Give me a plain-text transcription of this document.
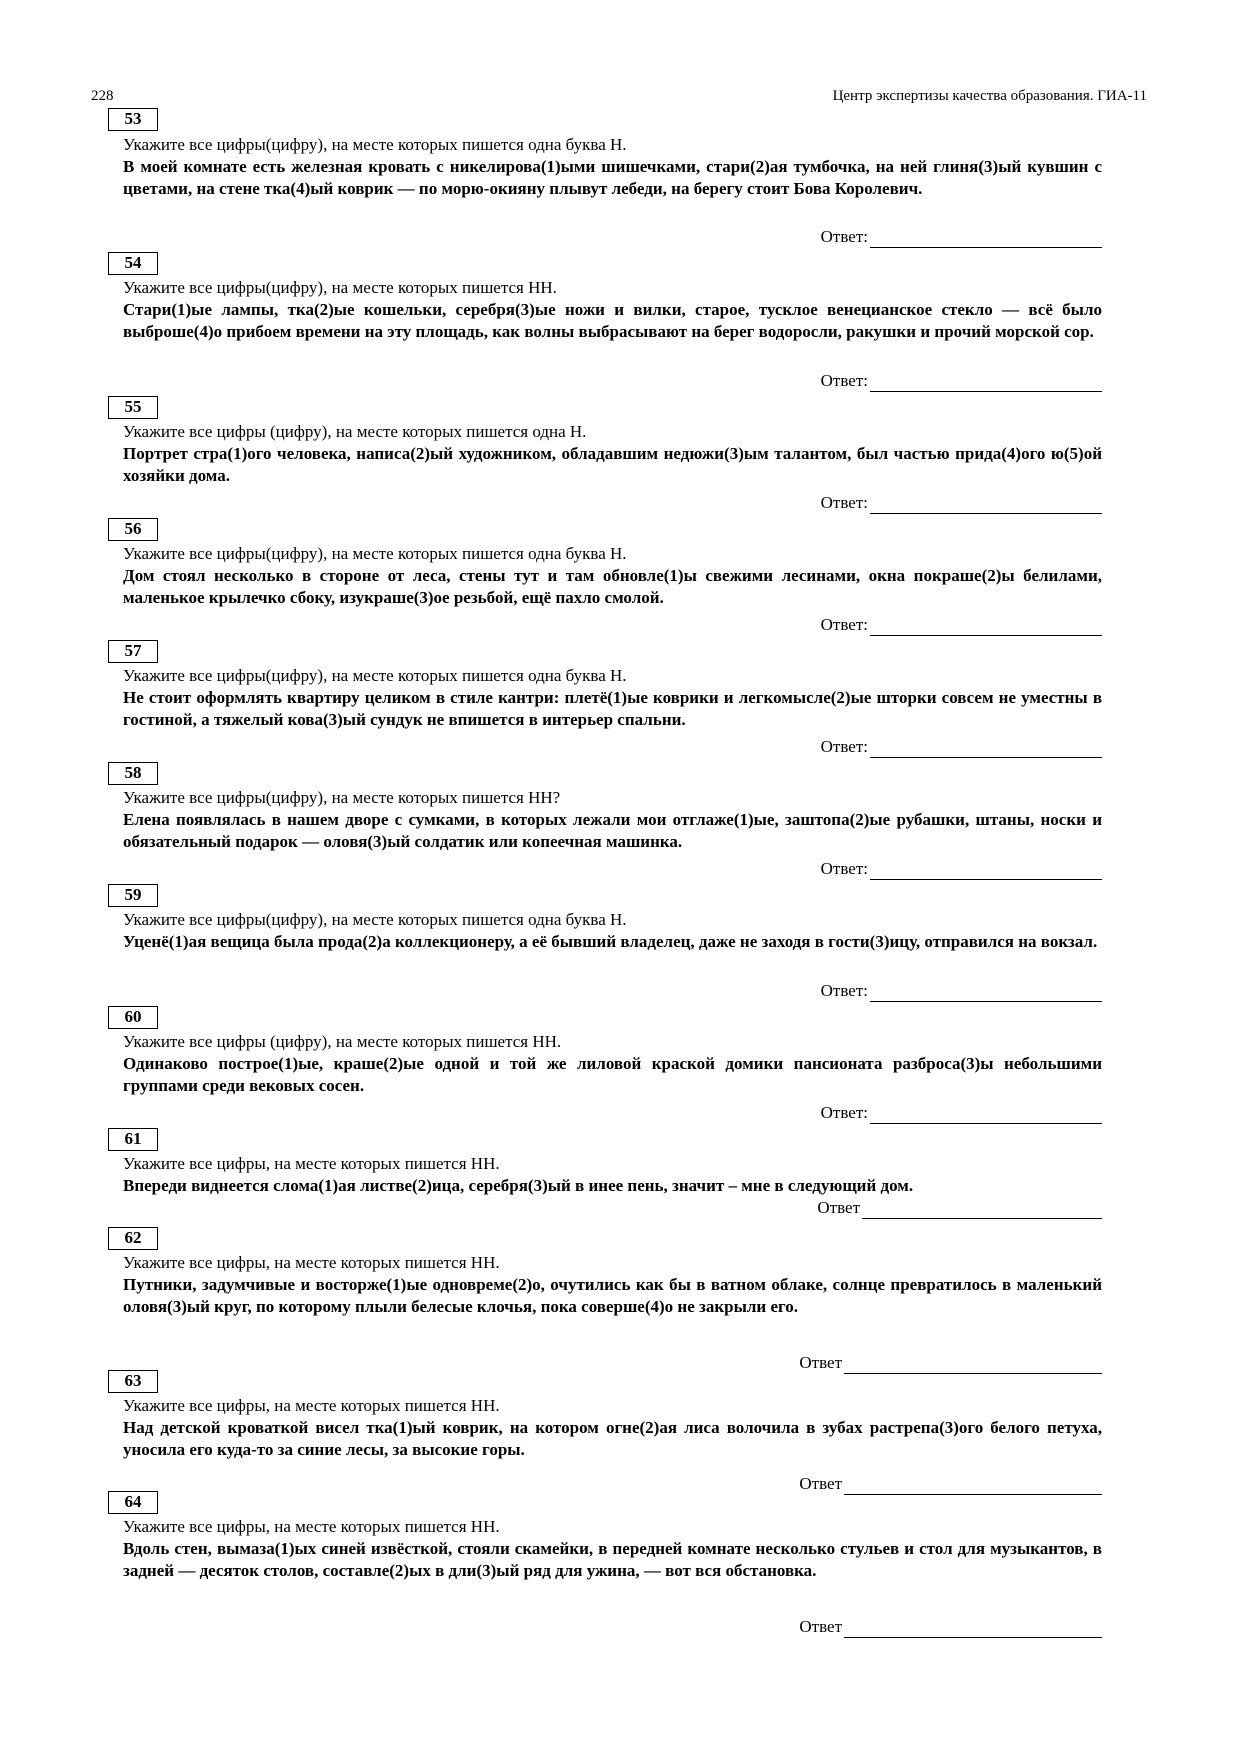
228	Центр экспертизы качества образования. ГИА-11
53
Укажите все цифры(цифру), на месте которых пишется одна буква Н.
В моей комнате есть железная кровать с никелирова(1)ыми шишечками, стари(2)ая тумбочка, на ней глиня(3)ый кувшин с цветами, на стене тка(4)ый коврик — по морю-окияну плывут лебеди, на берегу стоит Бова Королевич.
Ответ:
54
Укажите все цифры(цифру), на месте которых пишется НН.
Стари(1)ые лампы, тка(2)ые кошельки, серебря(3)ые ножи и вилки, старое, тусклое венецианское стекло — всё было выброше(4)о прибоем времени на эту площадь, как волны выбрасывают на берег водоросли, ракушки и прочий морской сор.
Ответ:
55
Укажите все цифры (цифру), на месте которых пишется одна Н.
Портрет стра(1)ого человека, написа(2)ый художником, обладавшим недюжи(3)ым талантом, был частью прида(4)ого ю(5)ой хозяйки дома.
Ответ:
56
Укажите все цифры(цифру), на месте которых пишется одна буква Н.
Дом стоял несколько в стороне от леса, стены тут и там обновле(1)ы свежими лесинами, окна покраше(2)ы белилами, маленькое крылечко сбоку, изукраше(3)ое резьбой, ещё пахло смолой.
Ответ:
57
Укажите все цифры(цифру), на месте которых пишется одна буква Н.
Не стоит оформлять квартиру целиком в стиле кантри: плетё(1)ые коврики и легкомысле(2)ые шторки совсем не уместны в гостиной, а тяжелый кова(3)ый сундук не впишется в интерьер спальни.
Ответ:
58
Укажите все цифры(цифру), на месте которых пишется НН?
Елена появлялась в нашем дворе с сумками, в которых лежали мои отглаже(1)ые, заштопа(2)ые рубашки, штаны, носки и обязательный подарок — оловя(3)ый солдатик или копеечная машинка.
Ответ:
59
Укажите все цифры(цифру), на месте которых пишется одна буква Н.
Уценё(1)ая вещица была прода(2)а коллекционеру, а её бывший владелец, даже не заходя в гости(3)ицу, отправился на вокзал.
Ответ:
60
Укажите все цифры (цифру), на месте которых пишется НН.
Одинаково построе(1)ые, краше(2)ые одной и той же лиловой краской домики пансионата разброса(3)ы небольшими группами среди вековых сосен.
Ответ:
61
Укажите все цифры, на месте которых пишется НН.
Впереди виднеется слома(1)ая листве(2)ица, серебря(3)ый в инее пень, значит – мне в следующий дом.
Ответ
62
Укажите все цифры, на месте которых пишется НН.
Путники, задумчивые и восторже(1)ые одновреме(2)о, очутились как бы в ватном облаке, солнце превратилось в маленький оловя(3)ый круг, по которому плыли белесые клочья, пока соверше(4)о не закрыли его.
Ответ
63
Укажите все цифры, на месте которых пишется НН.
Над детской кроваткой висел тка(1)ый коврик, на котором огне(2)ая лиса волочила в зубах растрепа(3)ого белого петуха, уносила его куда-то за синие лесы, за высокие горы.
Ответ
64
Укажите все цифры, на месте которых пишется НН.
Вдоль стен, вымаза(1)ых синей извёсткой, стояли скамейки, в передней комнате несколько стульев и стол для музыкантов, в задней — десяток столов, составле(2)ых в дли(3)ый ряд для ужина, — вот вся обстановка.
Ответ
